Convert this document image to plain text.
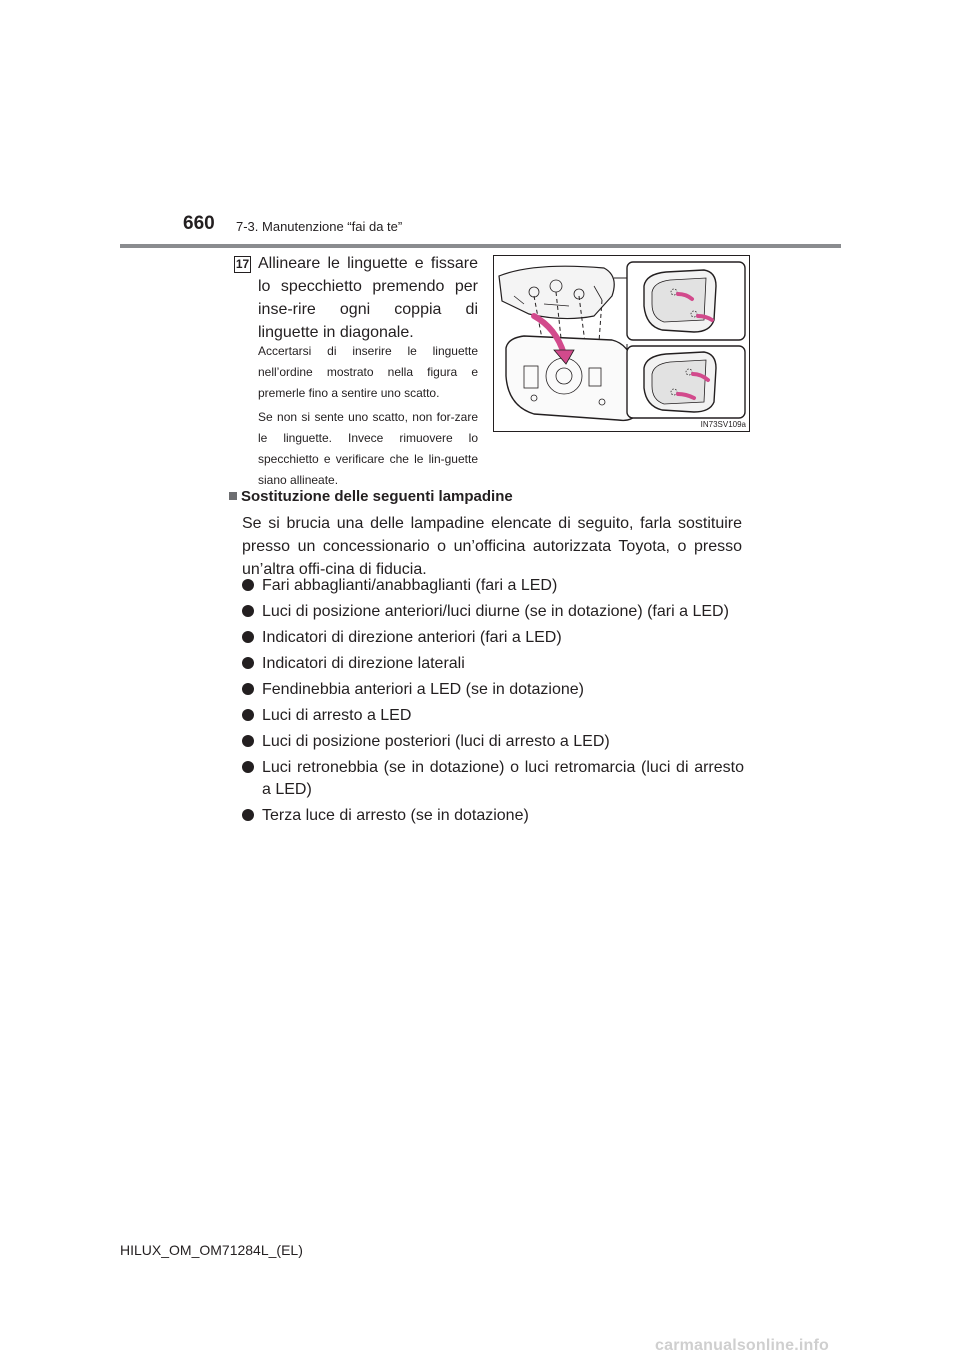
660 7-3. Manutenzione “fai da te”
17 Allineare le linguette e fissare lo specchietto premendo per inse-rire ogni coppia di linguette in diagonale.
Accertarsi di inserire le linguette nell’ordine mostrato nella figura e premerle fino a sentire uno scatto.
Se non si sente uno scatto, non for-zare le linguette. Invece rimuovere lo specchietto e verificare che le lin-guette siano allineate.
IN73SV109a
Sostituzione delle seguenti lampadine
Se si brucia una delle lampadine elencate di seguito, farla sostituire presso un concessionario o un’officina autorizzata Toyota, o presso un’altra offi-cina di fiducia.
Fari abbaglianti/anabbaglianti (fari a LED)
Luci di posizione anteriori/luci diurne (se in dotazione) (fari a LED)
Indicatori di direzione anteriori (fari a LED)
Indicatori di direzione laterali
Fendinebbia anteriori a LED (se in dotazione)
Luci di arresto a LED
Luci di posizione posteriori (luci di arresto a LED)
Luci retronebbia (se in dotazione) o luci retromarcia (luci di arresto a LED)
Terza luce di arresto (se in dotazione)
HILUX_OM_OM71284L_(EL)
carmanualsonline.info
